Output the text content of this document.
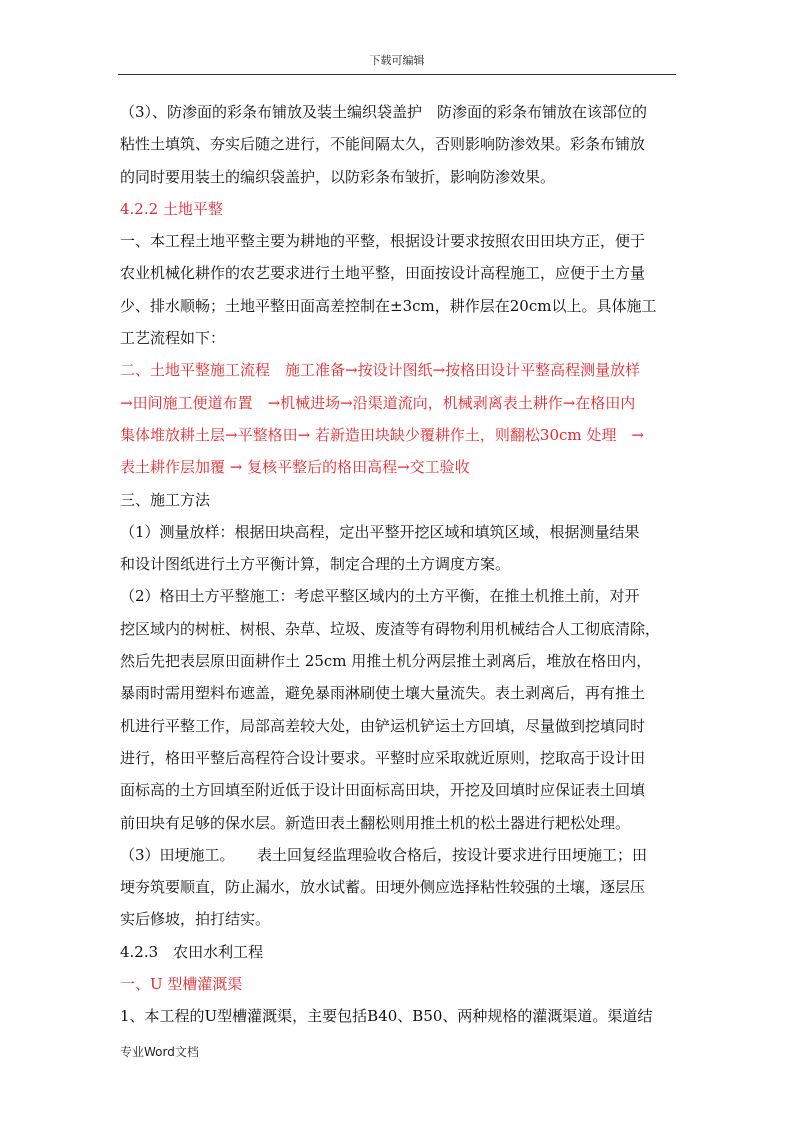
下载可编辑
（3）、防渗面的彩条布铺放及装土编织袋盖护　防渗面的彩条布铺放在该部位的
粘性土填筑、夯实后随之进行，不能间隔太久，否则影响防渗效果。彩条布铺放
的同时要用装土的编织袋盖护，以防彩条布皱折，影响防渗效果。
4.2.2 土地平整
一、本工程土地平整主要为耕地的平整，根据设计要求按照农田田块方正，便于
农业机械化耕作的农艺要求进行土地平整，田面按设计高程施工，应便于土方量
少、排水顺畅；土地平整田面高差控制在±3cm，耕作层在20cm以上。具体施工
工艺流程如下：
二、土地平整施工流程　施工准备→按设计图纸→按格田设计平整高程测量放样
→田间施工便道布置　→机械进场→沿渠道流向，机械剥离表土耕作→在格田内
集体堆放耕土层→平整格田→ 若新造田块缺少覆耕作土，则翻松30cm 处理　→
表土耕作层加覆 → 复核平整后的格田高程→交工验收
三、施工方法
（1）测量放样：根据田块高程，定出平整开挖区域和填筑区域，根据测量结果
和设计图纸进行土方平衡计算，制定合理的土方调度方案。
（2）格田土方平整施工：考虑平整区域内的土方平衡，在推土机推土前，对开
挖区域内的树桩、树根、杂草、垃圾、废渣等有碍物利用机械结合人工彻底清除，
然后先把表层原田面耕作土 25cm 用推土机分两层推土剥离后，堆放在格田内，
暴雨时需用塑料布遮盖，避免暴雨淋刷使土壤大量流失。表土剥离后，再有推土
机进行平整工作，局部高差较大处，由铲运机铲运土方回填，尽量做到挖填同时
进行，格田平整后高程符合设计要求。平整时应采取就近原则，挖取高于设计田
面标高的土方回填至附近低于设计田面标高田块，开挖及回填时应保证表土回填
前田块有足够的保水层。新造田表土翻松则用推土机的松土器进行耙松处理。
（3）田埂施工。　　表土回复经监理验收合格后，按设计要求进行田埂施工；田
埂夯筑要顺直，防止漏水，放水试蓄。田埂外侧应选择粘性较强的土壤，逐层压
实后修坡，拍打结实。
4.2.3　农田水利工程
一、U 型槽灌溉渠
1、本工程的U型槽灌溉渠，主要包括B40、B50、两种规格的灌溉渠道。渠道结
专业Word文档
